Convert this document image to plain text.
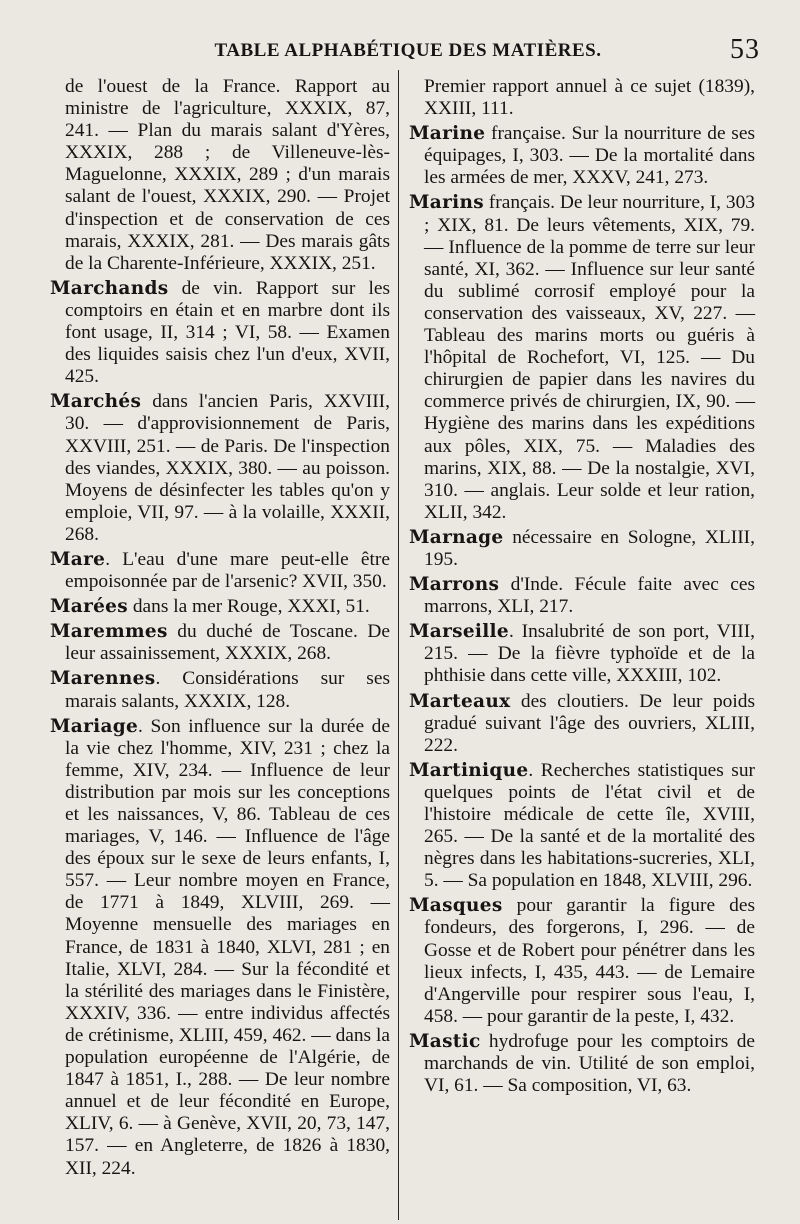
TABLE ALPHABÉTIQUE DES MATIÈRES.	53

de l'ouest de la France. Rapport au ministre de l'agriculture, XXXIX, 87, 241. — Plan du marais salant d'Yères, XXXIX, 288 ; de Villeneuve-lès-Maguelonne, XXXIX, 289 ; d'un marais salant de l'ouest, XXXIX, 290. — Projet d'inspection et de conservation de ces marais, XXXIX, 281. — Des marais gâts de la Charente-Inférieure, XXXIX, 251.

Marchands de vin. Rapport sur les comptoirs en étain et en marbre dont ils font usage, II, 314 ; VI, 58. — Examen des liquides saisis chez l'un d'eux, XVII, 425.

Marchés dans l'ancien Paris, XXVIII, 30. — d'approvisionnement de Paris, XXVIII, 251. — de Paris. De l'inspection des viandes, XXXIX, 380. — au poisson. Moyens de désinfecter les tables qu'on y emploie, VII, 97. — à la volaille, XXXII, 268.

Mare. L'eau d'une mare peut-elle être empoisonnée par de l'arsenic? XVII, 350.

Marées dans la mer Rouge, XXXI, 51.

Maremmes du duché de Toscane. De leur assainissement, XXXIX, 268.

Marennes. Considérations sur ses marais salants, XXXIX, 128.

Mariage. Son influence sur la durée de la vie chez l'homme, XIV, 231 ; chez la femme, XIV, 234. — Influence de leur distribution par mois sur les conceptions et les naissances, V, 86. Tableau de ces mariages, V, 146. — Influence de l'âge des époux sur le sexe de leurs enfants, I, 557. — Leur nombre moyen en France, de 1771 à 1849, XLVIII, 269. — Moyenne mensuelle des mariages en France, de 1831 à 1840, XLVI, 281 ; en Italie, XLVI, 284. — Sur la fécondité et la stérilité des mariages dans le Finistère, XXXIV, 336. — entre individus affectés de crétinisme, XLIII, 459, 462. — dans la population européenne de l'Algérie, de 1847 à 1851, I., 288. — De leur nombre annuel et de leur fécondité en Europe, XLIV, 6. — à Genève, XVII, 20, 73, 147, 157. — en Angleterre, de 1826 à 1830, XII, 224.

Premier rapport annuel à ce sujet (1839), XXIII, 111.

Marine française. Sur la nourriture de ses équipages, I, 303. — De la mortalité dans les armées de mer, XXXV, 241, 273.

Marins français. De leur nourriture, I, 303 ; XIX, 81. De leurs vêtements, XIX, 79. — Influence de la pomme de terre sur leur santé, XI, 362. — Influence sur leur santé du sublimé corrosif employé pour la conservation des vaisseaux, XV, 227. — Tableau des marins morts ou guéris à l'hôpital de Rochefort, VI, 125. — Du chirurgien de papier dans les navires du commerce privés de chirurgien, IX, 90. — Hygiène des marins dans les expéditions aux pôles, XIX, 75. — Maladies des marins, XIX, 88. — De la nostalgie, XVI, 310. — anglais. Leur solde et leur ration, XLII, 342.

Marnage nécessaire en Sologne, XLIII, 195.

Marrons d'Inde. Fécule faite avec ces marrons, XLI, 217.

Marseille. Insalubrité de son port, VIII, 215. — De la fièvre typhoïde et de la phthisie dans cette ville, XXXIII, 102.

Marteaux des cloutiers. De leur poids gradué suivant l'âge des ouvriers, XLIII, 222.

Martinique. Recherches statistiques sur quelques points de l'état civil et de l'histoire médicale de cette île, XVIII, 265. — De la santé et de la mortalité des nègres dans les habitations-sucreries, XLI, 5. — Sa population en 1848, XLVIII, 296.

Masques pour garantir la figure des fondeurs, des forgerons, I, 296. — de Gosse et de Robert pour pénétrer dans les lieux infects, I, 435, 443. — de Lemaire d'Angerville pour respirer sous l'eau, I, 458. — pour garantir de la peste, I, 432.

Mastic hydrofuge pour les comptoirs de marchands de vin. Utilité de son emploi, VI, 61. — Sa composition, VI, 63.
